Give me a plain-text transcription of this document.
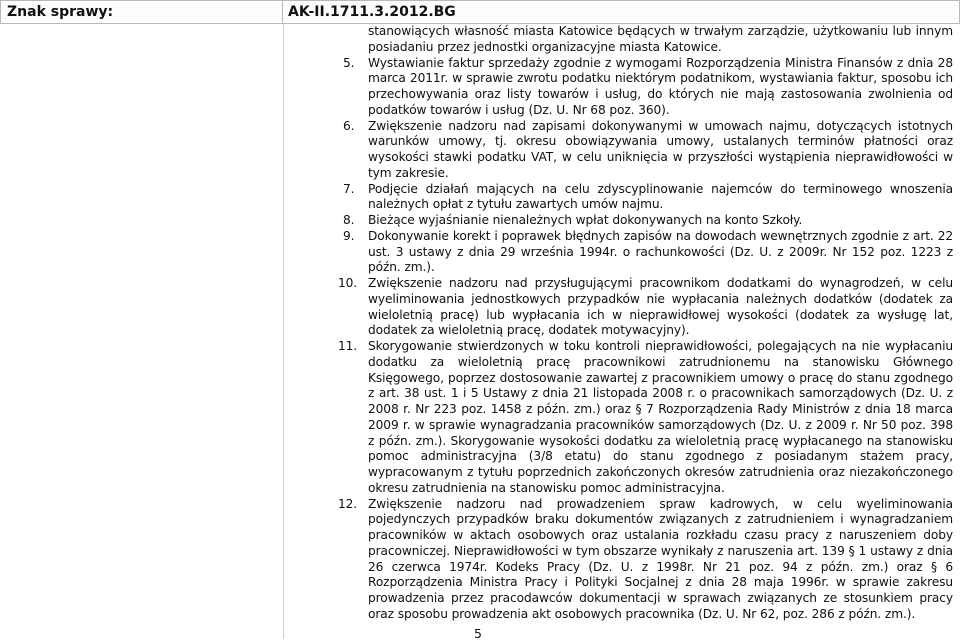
Znak sprawy:	AK-II.1711.3.2012.BG

stanowiących własność miasta Katowice będących w trwałym zarządzie, użytkowaniu lub innym posiadaniu przez jednostki organizacyjne miasta Katowice.

5.	Wystawianie faktur sprzedaży zgodnie z wymogami Rozporządzenia Ministra Finansów z dnia 28 marca 2011r. w sprawie zwrotu podatku niektórym podatnikom, wystawiania faktur, sposobu ich przechowywania oraz listy towarów i usług, do których nie mają zastosowania zwolnienia od podatków towarów i usług (Dz. U. Nr 68 poz. 360).

6.	Zwiększenie nadzoru nad zapisami dokonywanymi w umowach najmu, dotyczących istotnych warunków umowy, tj. okresu obowiązywania umowy, ustalanych terminów płatności oraz wysokości stawki podatku VAT, w celu uniknięcia w przyszłości wystąpienia nieprawidłowości w tym zakresie.

7.	Podjęcie działań mających na celu zdyscyplinowanie najemców do terminowego wnoszenia należnych opłat z tytułu zawartych umów najmu.

8.	Bieżące wyjaśnianie nienależnych wpłat dokonywanych na konto Szkoły.

9.	Dokonywanie korekt i poprawek błędnych zapisów na dowodach wewnętrznych zgodnie z art. 22 ust. 3 ustawy z dnia 29 września 1994r. o rachunkowości (Dz. U. z 2009r. Nr 152 poz. 1223 z późn. zm.).

10. Zwiększenie nadzoru nad przysługującymi pracownikom dodatkami do wynagrodzeń, w celu wyeliminowania jednostkowych przypadków nie wypłacania należnych dodatków (dodatek za wieloletnią pracę) lub wypłacania ich w nieprawidłowej wysokości (dodatek za wysługę lat, dodatek za wieloletnią pracę, dodatek motywacyjny).

11. Skorygowanie stwierdzonych w toku kontroli nieprawidłowości, polegających na nie wypłacaniu dodatku za wieloletnią pracę pracownikowi zatrudnionemu na stanowisku Głównego Księgowego, poprzez dostosowanie zawartej z pracownikiem umowy o pracę do stanu zgodnego z art. 38 ust. 1 i 5 Ustawy z dnia 21 listopada 2008 r. o pracownikach samorządowych (Dz. U. z 2008 r. Nr 223 poz. 1458 z późn. zm.) oraz § 7 Rozporządzenia Rady Ministrów z dnia 18 marca 2009 r. w sprawie wynagradzania pracowników samorządowych (Dz. U. z 2009 r. Nr 50 poz. 398 z późn. zm.). Skorygowanie wysokości dodatku za wieloletnią pracę wypłacanego na stanowisku pomoc administracyjna (3/8 etatu) do stanu zgodnego z posiadanym stażem pracy, wypracowanym z tytułu poprzednich zakończonych okresów zatrudnienia oraz niezakończonego okresu zatrudnienia na stanowisku pomoc administracyjna.

12. Zwiększenie nadzoru nad prowadzeniem spraw kadrowych, w celu wyeliminowania pojedynczych przypadków braku dokumentów związanych z zatrudnieniem i wynagradzaniem pracowników w aktach osobowych oraz ustalania rozkładu czasu pracy z naruszeniem doby pracowniczej. Nieprawidłowości w tym obszarze wynikały z naruszenia art. 139 § 1 ustawy z dnia 26 czerwca 1974r. Kodeks Pracy (Dz. U. z 1998r. Nr 21 poz. 94 z późn. zm.) oraz § 6 Rozporządzenia Ministra Pracy i Polityki Socjalnej z dnia 28 maja 1996r. w sprawie zakresu prowadzenia przez pracodawców dokumentacji w sprawach związanych ze stosunkiem pracy oraz sposobu prowadzenia akt osobowych pracownika (Dz. U. Nr 62, poz. 286 z późn. zm.).

5
